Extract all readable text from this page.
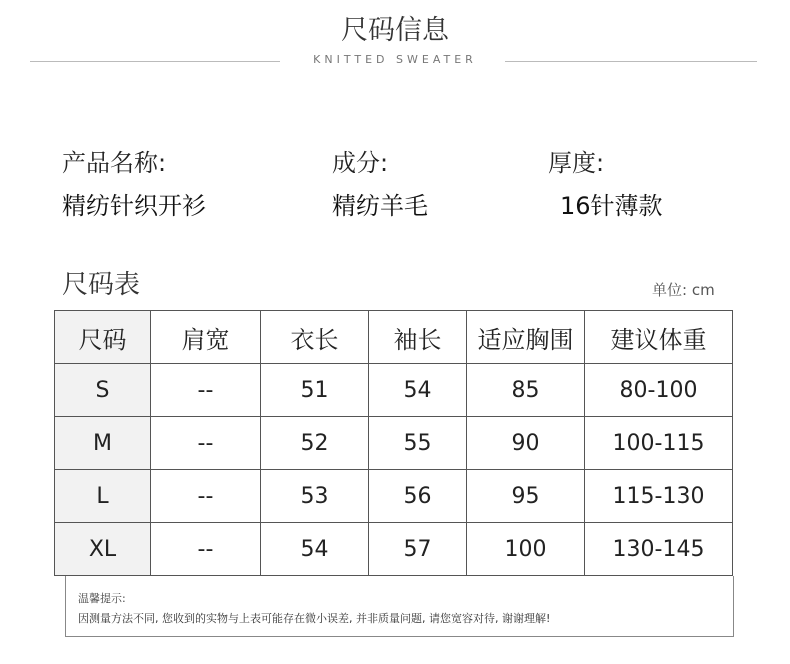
尺码信息
KNITTED SWEATER
产品名称:
精纺针织开衫
成分:
精纺羊毛
厚度:
16针薄款
尺码表	单位: cm
尺码	肩宽	衣长	袖长	适应胸围	建议体重
S	--	51	54	85	80-100
M	--	52	55	90	100-115
L	--	53	56	95	115-130
XL	--	54	57	100	130-145
温馨提示:
因测量方法不同, 您收到的实物与上表可能存在微小误差, 并非质量问题, 请您宽容对待, 谢谢理解!
